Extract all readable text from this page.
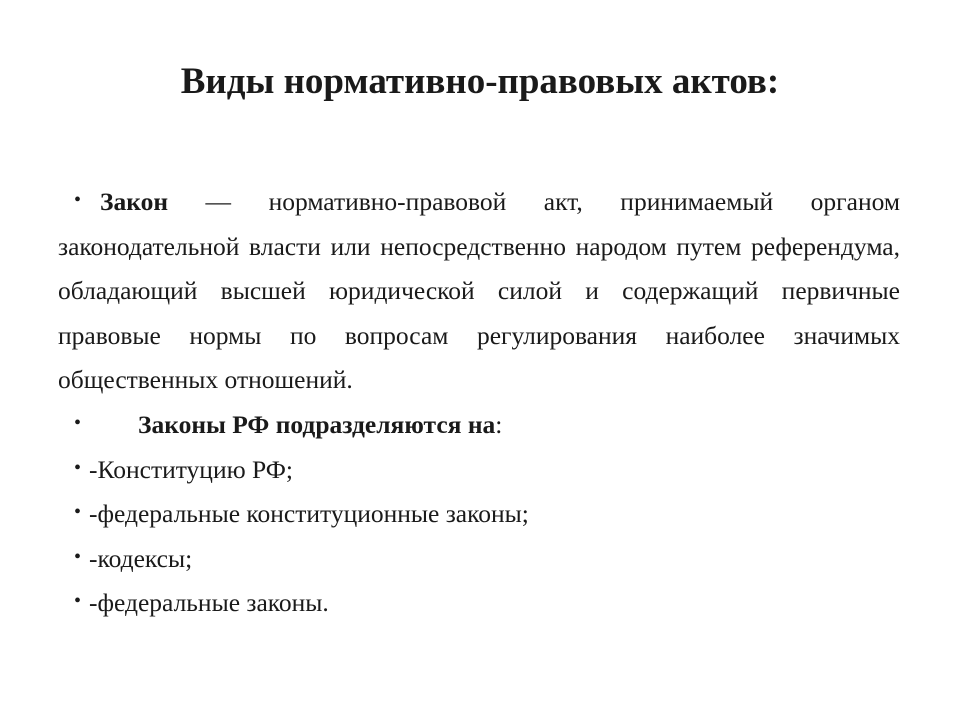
Виды нормативно-правовых актов:

• Закон — нормативно-правовой акт, принимаемый органом законодательной власти или непосредственно народом путем референдума, обладающий высшей юридической силой и содержащий первичные правовые нормы по вопросам регулирования наиболее значимых общественных отношений.

• Законы РФ подразделяются на:

• -Конституцию РФ;

• -федеральные конституционные законы;

• -кодексы;

• -федеральные законы.
